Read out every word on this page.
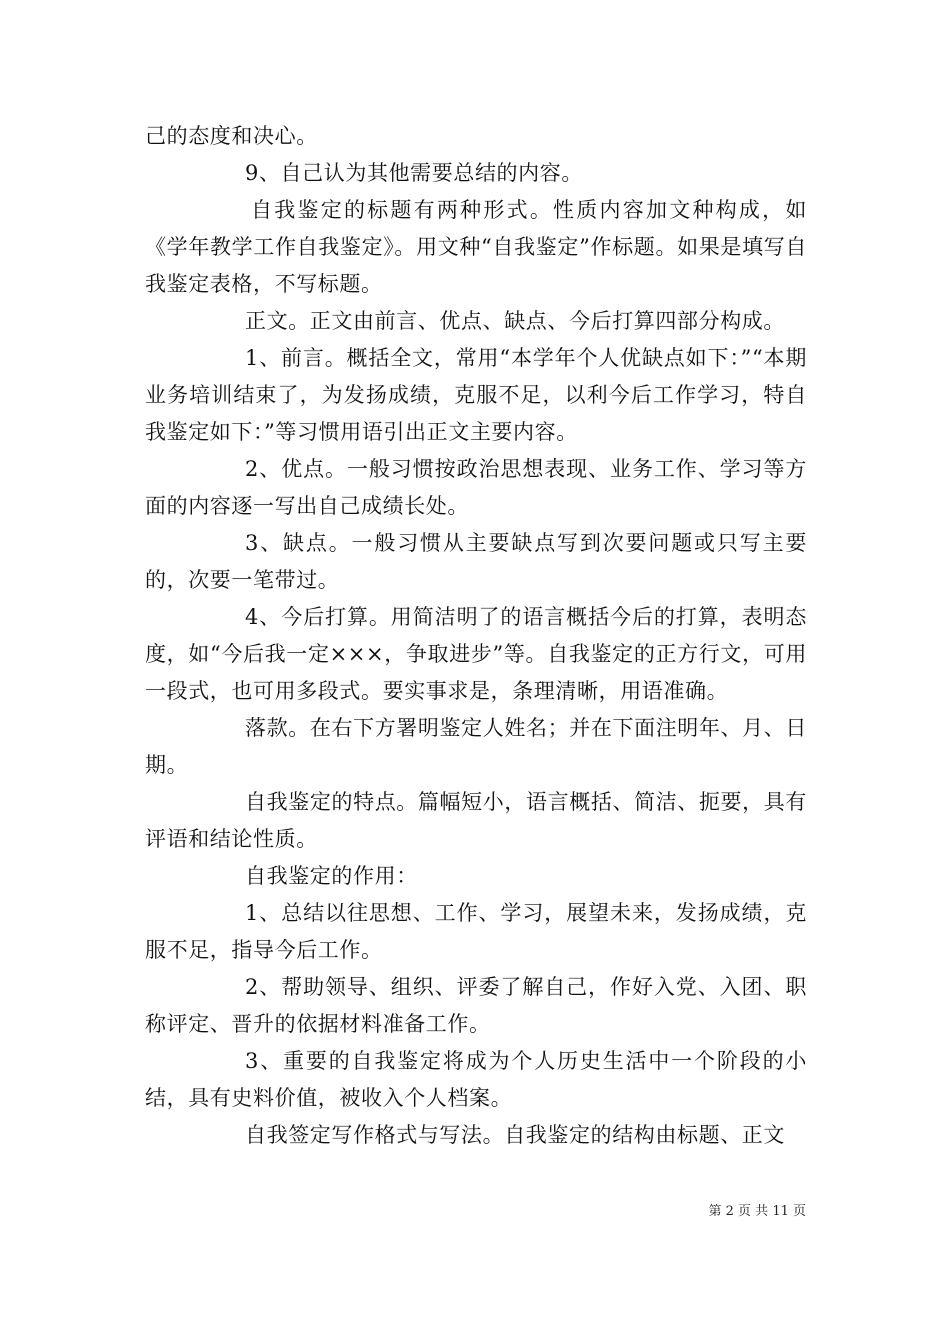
己的态度和决心。

9、自己认为其他需要总结的内容。

自我鉴定的标题有两种形式。性质内容加文种构成，如《学年教学工作自我鉴定》。用文种“自我鉴定”作标题。如果是填写自我鉴定表格，不写标题。

正文。正文由前言、优点、缺点、今后打算四部分构成。

1、前言。概括全文，常用“本学年个人优缺点如下：”“本期业务培训结束了，为发扬成绩，克服不足，以利今后工作学习，特自我鉴定如下：”等习惯用语引出正文主要内容。

2、优点。一般习惯按政治思想表现、业务工作、学习等方面的内容逐一写出自己成绩长处。

3、缺点。一般习惯从主要缺点写到次要问题或只写主要的，次要一笔带过。

4、今后打算。用简洁明了的语言概括今后的打算，表明态度，如“今后我一定×××，争取进步”等。自我鉴定的正方行文，可用一段式，也可用多段式。要实事求是，条理清晰，用语准确。

落款。在右下方署明鉴定人姓名；并在下面注明年、月、日期。

自我鉴定的特点。篇幅短小，语言概括、简洁、扼要，具有评语和结论性质。

自我鉴定的作用：

1、总结以往思想、工作、学习，展望未来，发扬成绩，克服不足，指导今后工作。

2、帮助领导、组织、评委了解自己，作好入党、入团、职称评定、晋升的依据材料准备工作。

3、重要的自我鉴定将成为个人历史生活中一个阶段的小结，具有史料价值，被收入个人档案。

自我签定写作格式与写法。自我鉴定的结构由标题、正文

第 2 页 共 11 页
